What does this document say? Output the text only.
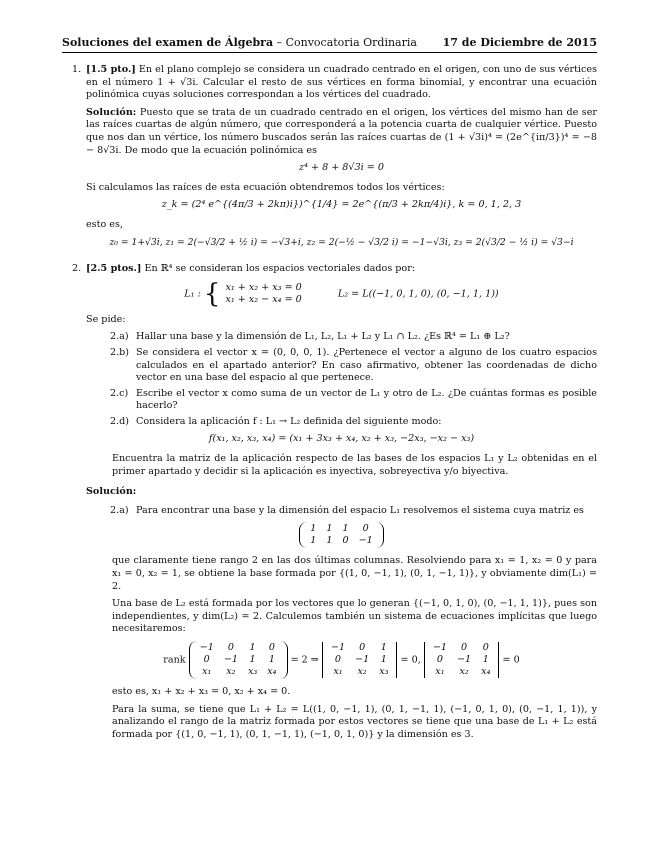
Soluciones del examen de Álgebra – Convocatoria Ordinaria 17 de Diciembre de 2015
1. [1.5 pto.] En el plano complejo se considera un cuadrado centrado en el origen, con uno de sus vértices en el número 1 + √3i. Calcular el resto de sus vértices en forma binomial, y encontrar una ecuación polinómica cuyas soluciones correspondan a los vértices del cuadrado.

Solución: Puesto que se trata de un cuadrado centrado en el origen, los vértices del mismo han de ser las raíces cuartas de algún número, que corresponderá a la potencia cuarta de cualquier vértice. Puesto que nos dan un vértice, los número buscados serán las raíces cuartas de (1 + √3i)⁴ = (2e^{iπ/3})⁴ = −8 − 8√3i. De modo que la ecuación polinómica es

z⁴ + 8 + 8√3i = 0

Si calculamos las raíces de esta ecuación obtendremos todos los vértices:

z_k = (2⁴ e^{(4π/3 + 2kπ)i})^{1/4} = 2e^{(π/3 + 2kπ/4)i}, k = 0, 1, 2, 3

esto es,

z₀ = 1+√3i, z₁ = 2(−√3/2 + ½ i) = −√3+i, z₂ = 2(−½ − √3/2 i) = −1−√3i, z₃ = 2(√3/2 − ½ i) = √3−i
2. [2.5 ptos.] En ℝ⁴ se consideran los espacios vectoriales dados por:

L₁ : { x₁ + x₂ + x₃ = 0
x₁ + x₂ − x₄ = 0	L₂ = L((−1, 0, 1, 0), (0, −1, 1, 1))

Se pide:

2.a) Hallar una base y la dimensión de L₁, L₂, L₁ + L₂ y L₁ ∩ L₂. ¿Es ℝ⁴ = L₁ ⊕ L₂?
2.b) Se considera el vector x = (0, 0, 0, 1). ¿Pertenece el vector a alguno de los cuatro espacios calculados en el apartado anterior? En caso afirmativo, obtener las coordenadas de dicho vector en una base del espacio al que pertenece.
2.c) Escribe el vector x como suma de un vector de L₁ y otro de L₂. ¿De cuántas formas es posible hacerlo?
2.d) Considera la aplicación f : L₁ → L₂ definida del siguiente modo:
f(x₁, x₂, x₃, x₄) = (x₁ + 3x₃ + x₄, x₂ + x₃, −2x₃, −x₂ − x₃)

Encuentra la matriz de la aplicación respecto de las bases de los espacios L₁ y L₂ obtenidas en el primer apartado y decidir si la aplicación es inyectiva, sobreyectiva y/o biyectiva.

Solución:
2.a) Para encontrar una base y la dimensión del espacio L₁ resolvemos el sistema cuya matriz es
1	1	1	0
1	1	0	−1

que claramente tiene rango 2 en las dos últimas columnas. Resolviendo para x₁ = 1, x₂ = 0 y para x₁ = 0, x₂ = 1, se obtiene la base formada por {(1, 0, −1, 1), (0, 1, −1, 1)}, y obviamente dim(L₁) = 2.

Una base de L₂ está formada por los vectores que lo generan {(−1, 0, 1, 0), (0, −1, 1, 1)}, pues son independientes, y dim(L₂) = 2. Calculemos también un sistema de ecuaciones implícitas que luego necesitaremos:

rank
−1	0	1	0
0	−1	1	1
x₁	x₂	x₃	x₄
= 2 ⇒
−1	0	1
0	−1	1
x₁	x₂	x₃
= 0,
−1	0	0
0	−1	1
x₁	x₂	x₄
= 0

esto es, x₁ + x₂ + x₃ = 0, x₂ + x₄ = 0.

Para la suma, se tiene que L₁ + L₂ = L((1, 0, −1, 1), (0, 1, −1, 1), (−1, 0, 1, 0), (0, −1, 1, 1)), y analizando el rango de la matriz formada por estos vectores se tiene que una base de L₁ + L₂ está formada por {(1, 0, −1, 1), (0, 1, −1, 1), (−1, 0, 1, 0)} y la dimensión es 3.
